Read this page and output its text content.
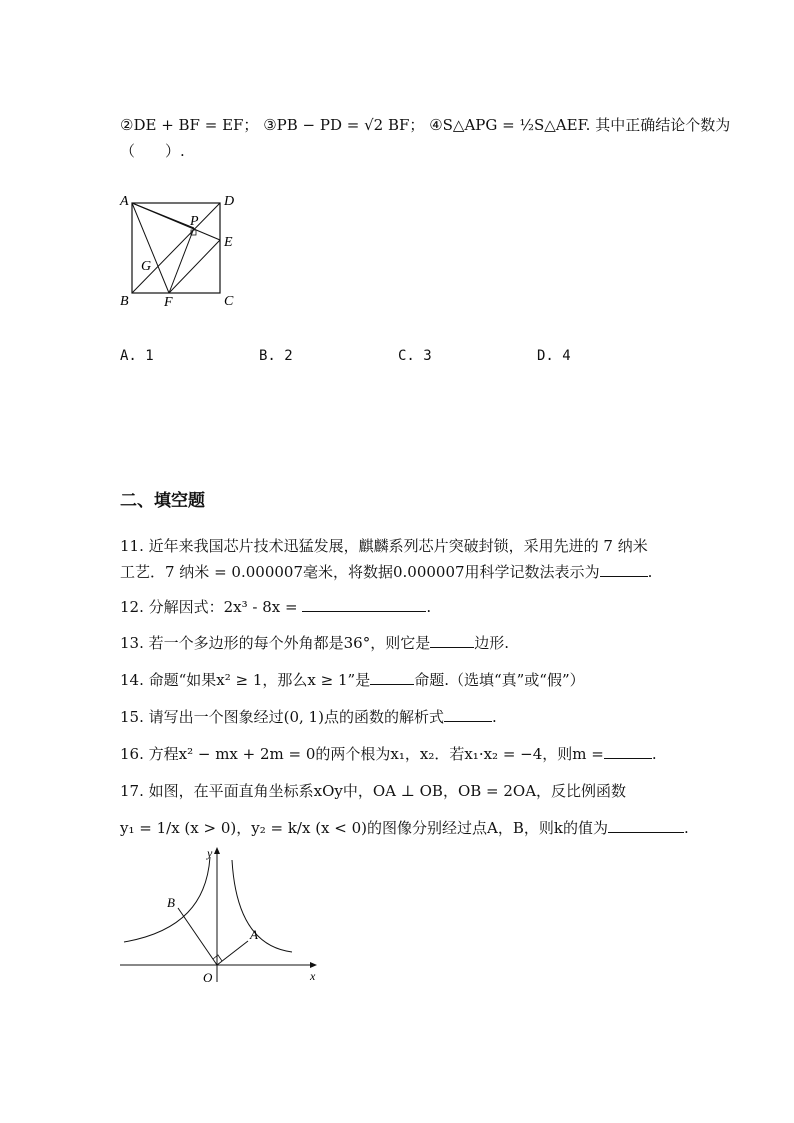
②DE + BF = EF； ③PB − PD = √2 BF； ④S△APG = ½S△AEF. 其中正确结论个数为
（　　）.
A	D
P
E
G
B	F	C
A. 1	B. 2	C. 3	D. 4
二、填空题
11. 近年来我国芯片技术迅猛发展，麒麟系列芯片突破封锁，采用先进的 7 纳米
工艺．7 纳米 = 0.000007毫米，将数据0.000007用科学记数法表示为	.
12. 分解因式：2x³ - 8x =	.
13. 若一个多边形的每个外角都是36°，则它是	边形.
14. 命题“如果x² ≥ 1，那么x ≥ 1”是	命题.（选填“真”或“假”）
15. 请写出一个图象经过(0, 1)点的函数的解析式	.
16. 方程x² − mx + 2m = 0的两个根为x₁，x₂．若x₁·x₂ = −4，则m =	.
17. 如图，在平面直角坐标系xOy中，OA ⊥ OB，OB = 2OA，反比例函数
y₁ = 1/x (x > 0)，y₂ = k/x (x < 0)的图像分别经过点A，B，则k的值为	.
y
x
O
A
B
